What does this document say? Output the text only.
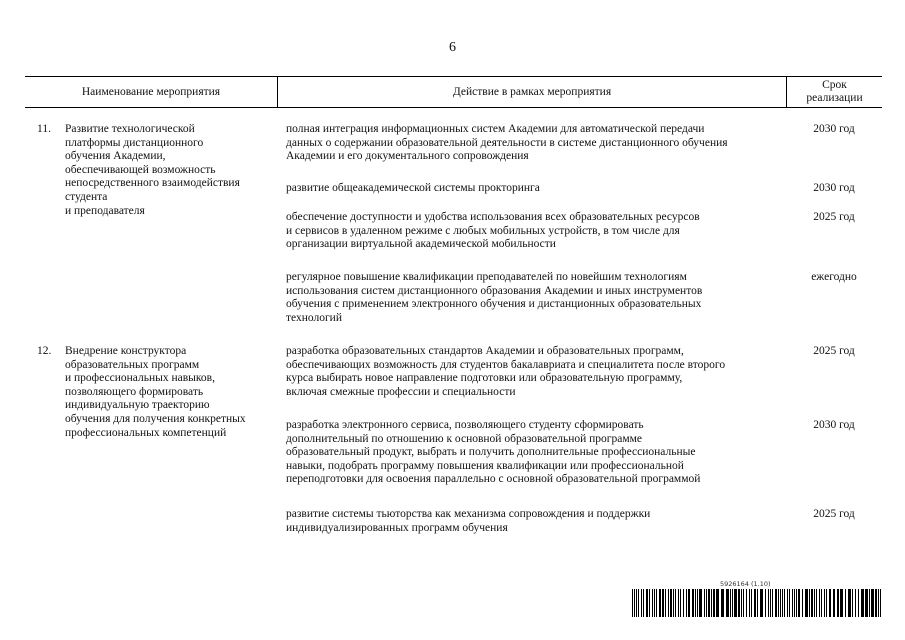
6
Наименование мероприятия	Действие в рамках мероприятия
Срок
реализации
11. Развитие технологической
платформы дистанционного
обучения Академии,
обеспечивающей возможность
непосредственного взаимодействия
студента
и преподавателя
полная интеграция информационных систем Академии для автоматической передачи
данных о содержании образовательной деятельности в системе дистанционного обучения
Академии и его документального сопровождения
2030 год
развитие общеакадемической системы прокторинга	2030 год
обеспечение доступности и удобства использования всех образовательных ресурсов
и сервисов в удаленном режиме с любых мобильных устройств, в том числе для
организации виртуальной академической мобильности
2025 год
регулярное повышение квалификации преподавателей по новейшим технологиям
использования систем дистанционного образования Академии и иных инструментов
обучения с применением электронного обучения и дистанционных образовательных
технологий
ежегодно
12. Внедрение конструктора
образовательных программ
и профессиональных навыков,
позволяющего формировать
индивидуальную траекторию
обучения для получения конкретных
профессиональных компетенций
разработка образовательных стандартов Академии и образовательных программ,
обеспечивающих возможность для студентов бакалавриата и специалитета после второго
курса выбирать новое направление подготовки или образовательную программу,
включая смежные профессии и специальности
2025 год
разработка электронного сервиса, позволяющего студенту сформировать
дополнительный по отношению к основной образовательной программе
образовательный продукт, выбрать и получить дополнительные профессиональные
навыки, подобрать программу повышения квалификации или профессиональной
переподготовки для освоения параллельно с основной образовательной программой
2030 год
развитие системы тьюторства как механизма сопровождения и поддержки
индивидуализированных программ обучения
2025 год
5926164 (1.10)
